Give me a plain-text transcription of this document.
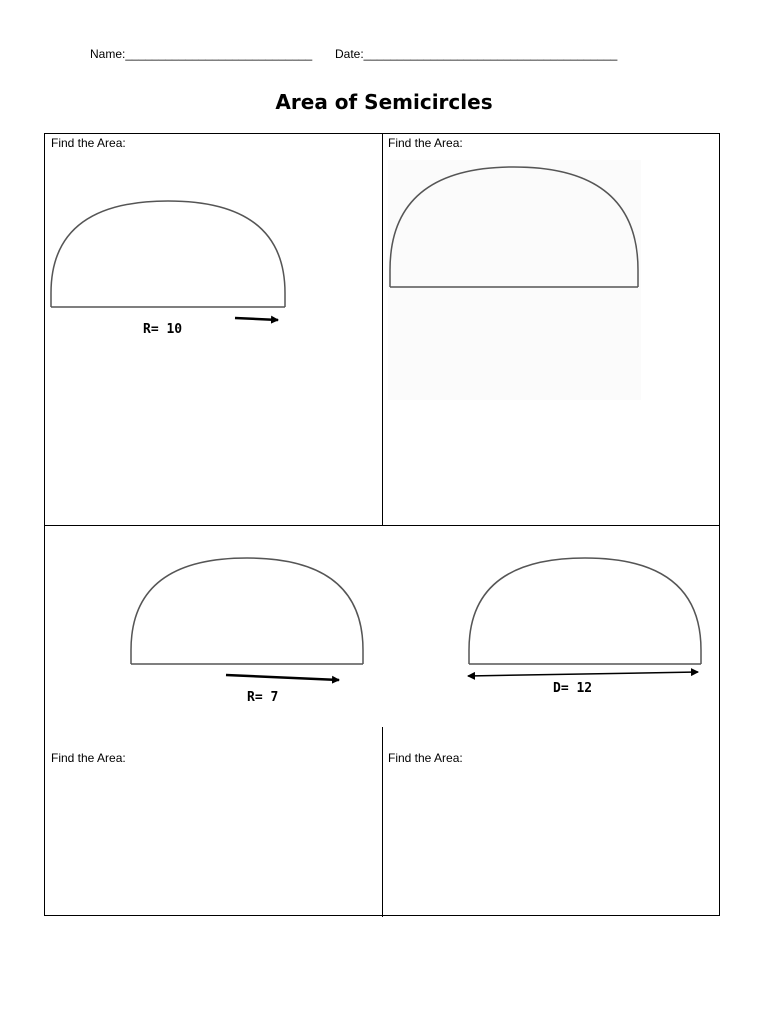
Name:____________________________ Date:______________________________________
Area of Semicircles
Find the Area:	Find the Area:
Find the Area:	Find the Area:
R= 10
R= 7
D= 12
